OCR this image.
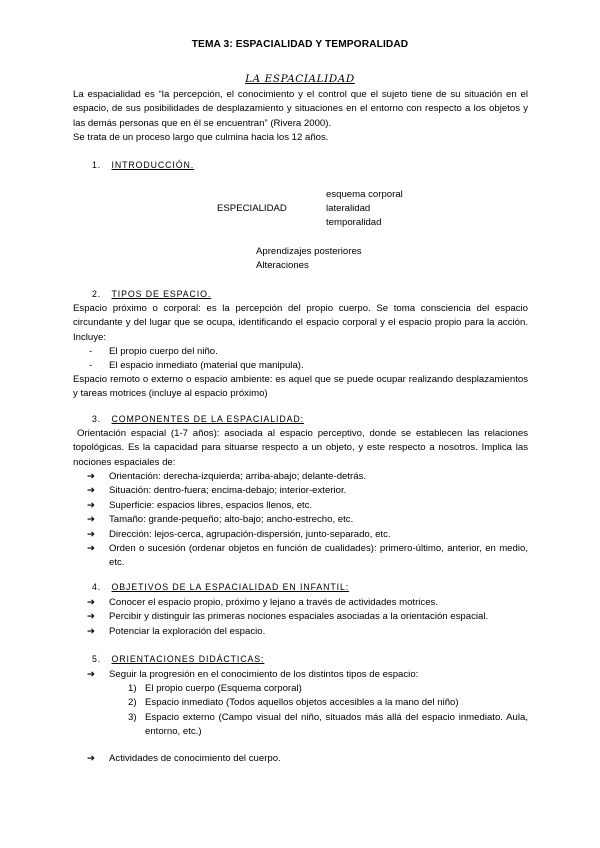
TEMA 3: ESPACIALIDAD Y TEMPORALIDAD
LA ESPACIALIDAD

La espacialidad es “la percepción, el conocimiento y el control que el sujeto tiene de su situación en el espacio, de sus posibilidades de desplazamiento y situaciones en el entorno con respecto a los objetos y las demás personas que en él se encuentran” (Rivera 2000).

Se trata de un proceso largo que culmina hacia los 12 años.

1. INTRODUCCIÓN.
esquema corporal
ESPECIALIDAD	lateralidad
temporalidad
Aprendizajes posteriores
Alteraciones
2. TIPOS DE ESPACIO.
Espacio próximo o corporal: es la percepción del propio cuerpo. Se toma consciencia del espacio circundante y del lugar que se ocupa, identificando el espacio corporal y el espacio propio para la acción. Incluye:
- El propio cuerpo del niño.
- El espacio inmediato (material que manipula).
Espacio remoto o externo o espacio ambiente: es aquel que se puede ocupar realizando desplazamientos y tareas motrices (incluye al espacio próximo)
3. COMPONENTES DE LA ESPACIALIDAD:
Orientación espacial (1-7 años): asociada al espacio perceptivo, donde se establecen las relaciones topológicas. Es la capacidad para situarse respecto a un objeto, y este respecto a nosotros. Implica las nociones espaciales de:
➔ Orientación: derecha-izquierda; arriba-abajo; delante-detrás.
➔ Situación: dentro-fuera; encima-debajo; interior-exterior.
➔ Superficie: espacios libres, espacios llenos, etc.
➔ Tamaño: grande-pequeño; alto-bajo; ancho-estrecho, etc.
➔ Dirección: lejos-cerca, agrupación-dispersión, junto-separado, etc.
➔ Orden o sucesión (ordenar objetos en función de cualidades): primero-último, anterior, en medio, etc.
4. OBJETIVOS DE LA ESPACIALIDAD EN INFANTIL:
➔ Conocer el espacio propio, próximo y lejano a través de actividades motrices.
➔ Percibir y distinguir las primeras nociones espaciales asociadas a la orientación espacial.
➔ Potenciar la exploración del espacio.
5. ORIENTACIONES DIDÁCTICAS:
➔ Seguir la progresión en el conocimiento de los distintos tipos de espacio:
1) El propio cuerpo (Esquema corporal)
2) Espacio inmediato (Todos aquellos objetos accesibles a la mano del niño)
3) Espacio externo (Campo visual del niño, situados más allá del espacio inmediato. Aula, entorno, etc.)
➔ Actividades de conocimiento del cuerpo.
